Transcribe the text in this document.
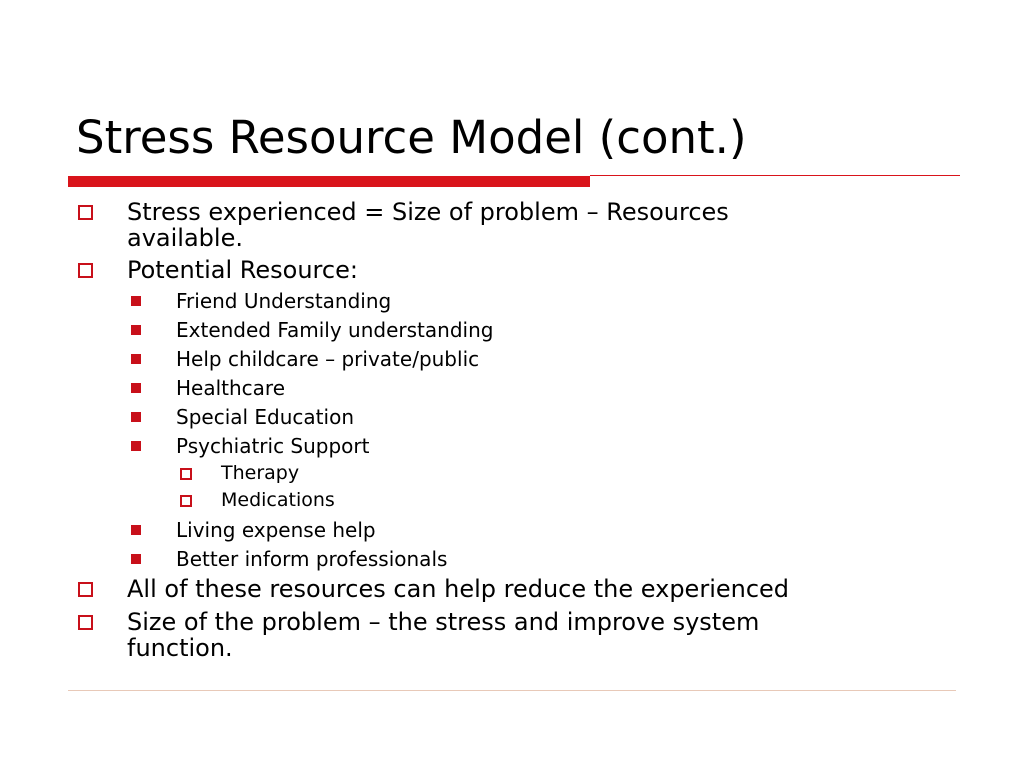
Stress Resource Model (cont.)
Stress experienced = Size of problem – Resources
available.
Potential Resource:
Friend Understanding
Extended Family understanding
Help childcare – private/public
Healthcare
Special Education
Psychiatric Support
Therapy
Medications
Living expense help
Better inform professionals
All of these resources can help reduce the experienced
Size of the problem – the stress and improve system
function.
